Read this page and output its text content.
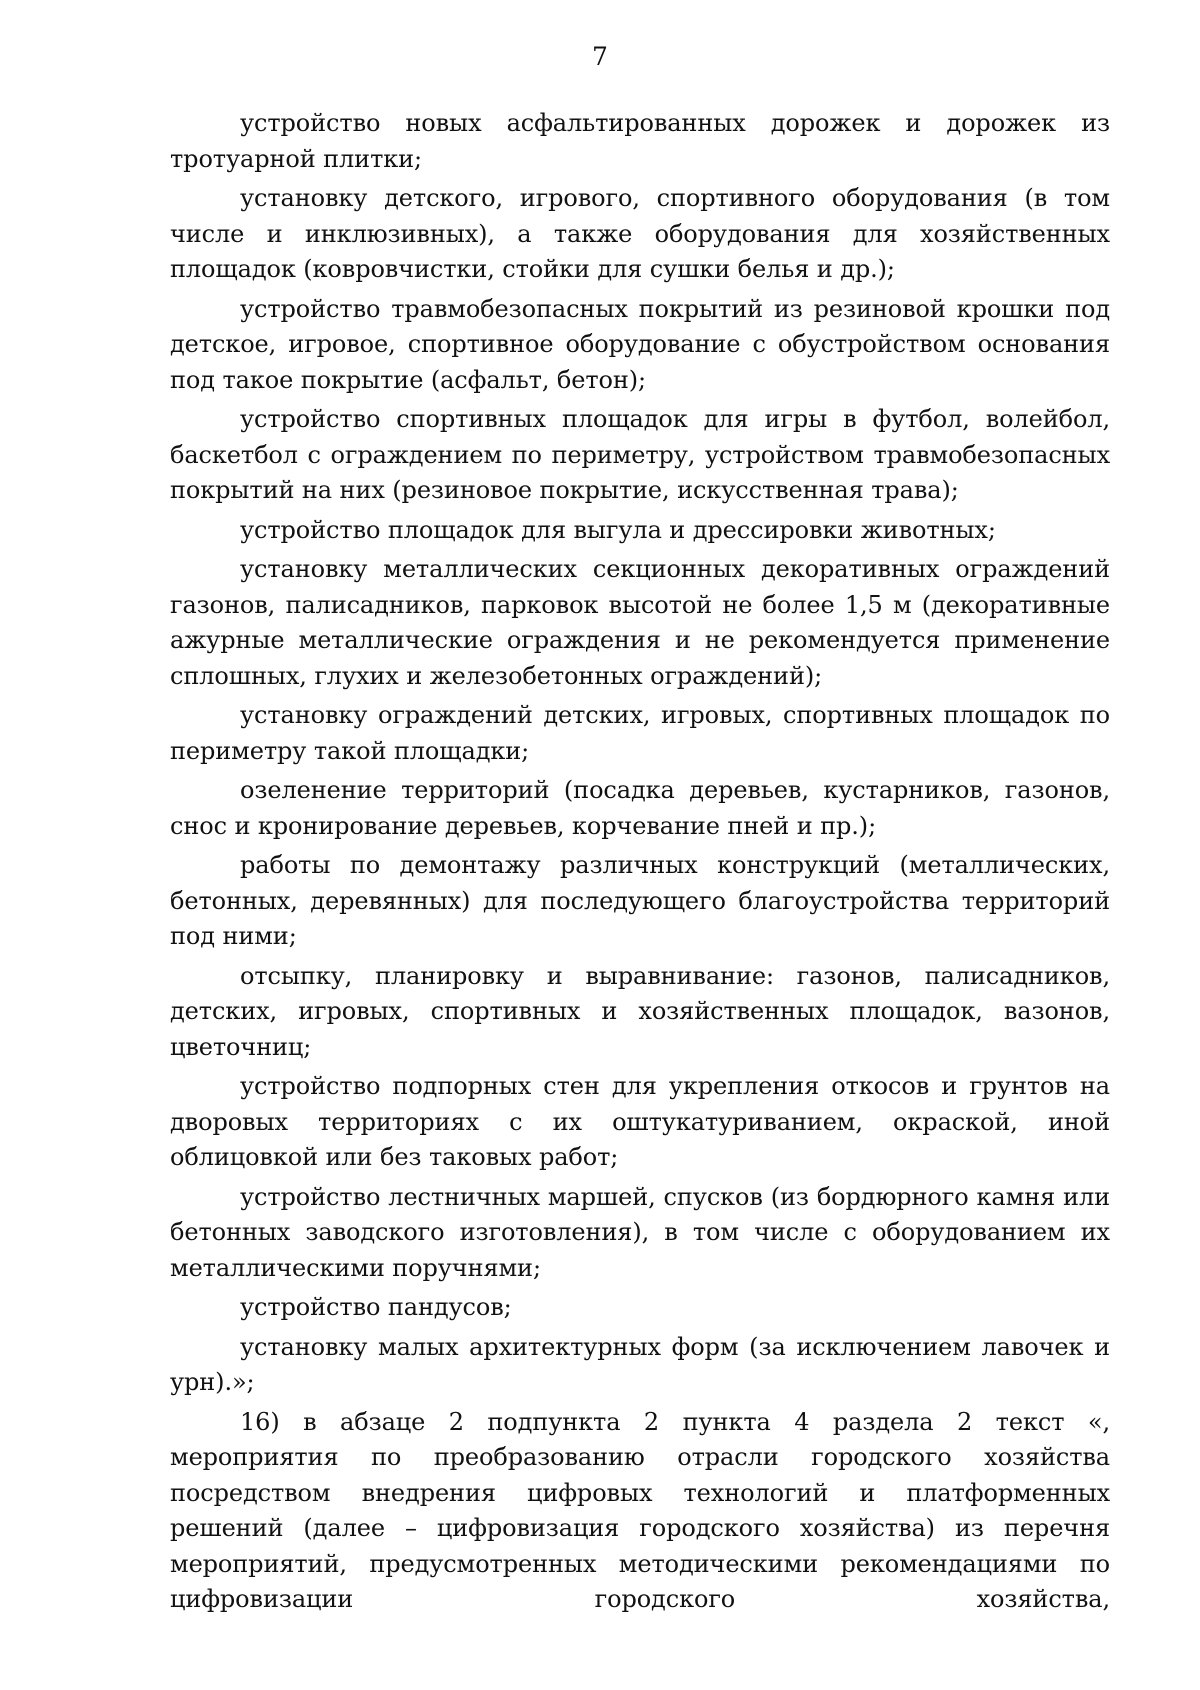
7

устройство новых асфальтированных дорожек и дорожек из тротуарной плитки;

установку детского, игрового, спортивного оборудования (в том числе и инклюзивных), а также оборудования для хозяйственных площадок (ковровчистки, стойки для сушки белья и др.);

устройство травмобезопасных покрытий из резиновой крошки под детское, игровое, спортивное оборудование с обустройством основания под такое покрытие (асфальт, бетон);

устройство спортивных площадок для игры в футбол, волейбол, баскетбол с ограждением по периметру, устройством травмобезопасных покрытий на них (резиновое покрытие, искусственная трава);

устройство площадок для выгула и дрессировки животных;

установку металлических секционных декоративных ограждений газонов, палисадников, парковок высотой не более 1,5 м (декоративные ажурные металлические ограждения и не рекомендуется применение сплошных, глухих и железобетонных ограждений);

установку ограждений детских, игровых, спортивных площадок по периметру такой площадки;

озеленение территорий (посадка деревьев, кустарников, газонов, снос и кронирование деревьев, корчевание пней и пр.);

работы по демонтажу различных конструкций (металлических, бетонных, деревянных) для последующего благоустройства территорий под ними;

отсыпку, планировку и выравнивание: газонов, палисадников, детских, игровых, спортивных и хозяйственных площадок, вазонов, цветочниц;

устройство подпорных стен для укрепления откосов и грунтов на дворовых территориях с их оштукатуриванием, окраской, иной облицовкой или без таковых работ;

устройство лестничных маршей, спусков (из бордюрного камня или бетонных заводского изготовления), в том числе с оборудованием их металлическими поручнями;

устройство пандусов;

установку малых архитектурных форм (за исключением лавочек и урн).»;

16) в абзаце 2 подпункта 2 пункта 4 раздела 2 текст «, мероприятия по преобразованию отрасли городского хозяйства посредством внедрения цифровых технологий и платформенных решений (далее – цифровизация городского хозяйства) из перечня мероприятий, предусмотренных методическими рекомендациями по цифровизации городского хозяйства,
